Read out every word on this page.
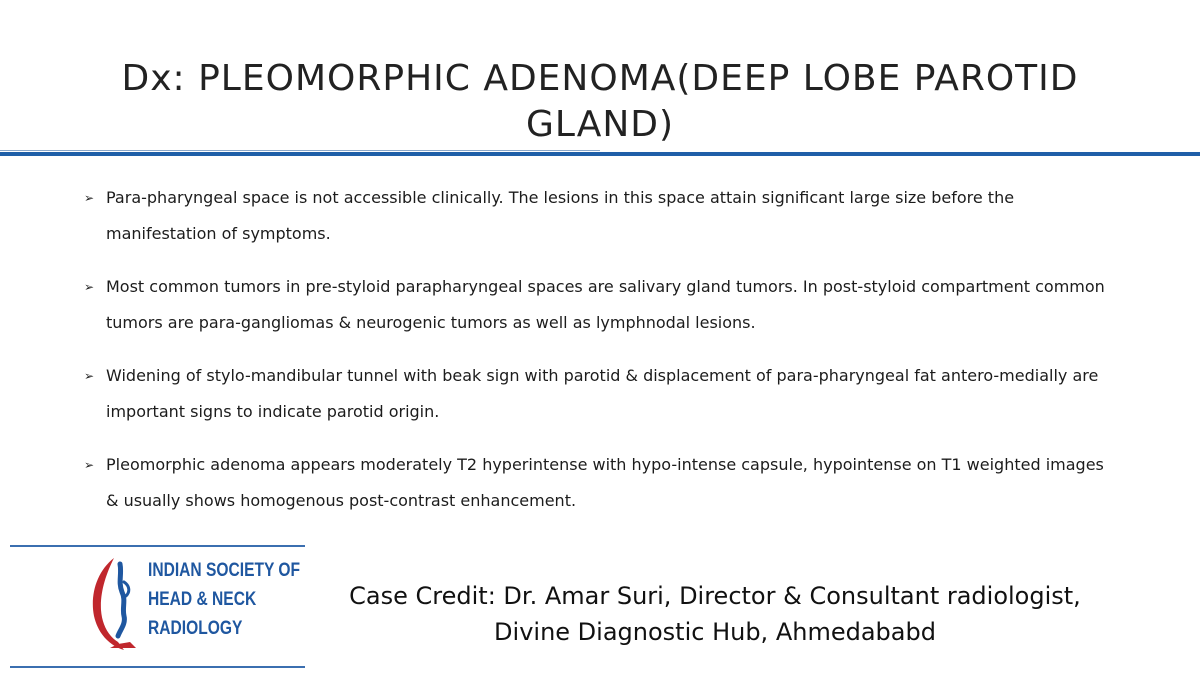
Dx: PLEOMORPHIC ADENOMA(DEEP LOBE PAROTID GLAND)
➢ Para-pharyngeal space is not accessible clinically. The lesions in this space attain significant large size before the manifestation of symptoms.
➢ Most common tumors in pre-styloid parapharyngeal spaces are salivary gland tumors. In post-styloid compartment common tumors are para-gangliomas & neurogenic tumors as well as lymphnodal lesions.
➢ Widening of stylo-mandibular tunnel with beak sign with parotid & displacement of para-pharyngeal fat antero-medially are important signs to indicate parotid origin.
➢ Pleomorphic adenoma appears moderately T2 hyperintense with hypo-intense capsule, hypointense on T1 weighted images & usually shows homogenous post-contrast enhancement.
INDIAN SOCIETY OF
HEAD & NECK
RADIOLOGY
Case Credit: Dr. Amar Suri, Director & Consultant radiologist,
Divine Diagnostic Hub, Ahmedababd
